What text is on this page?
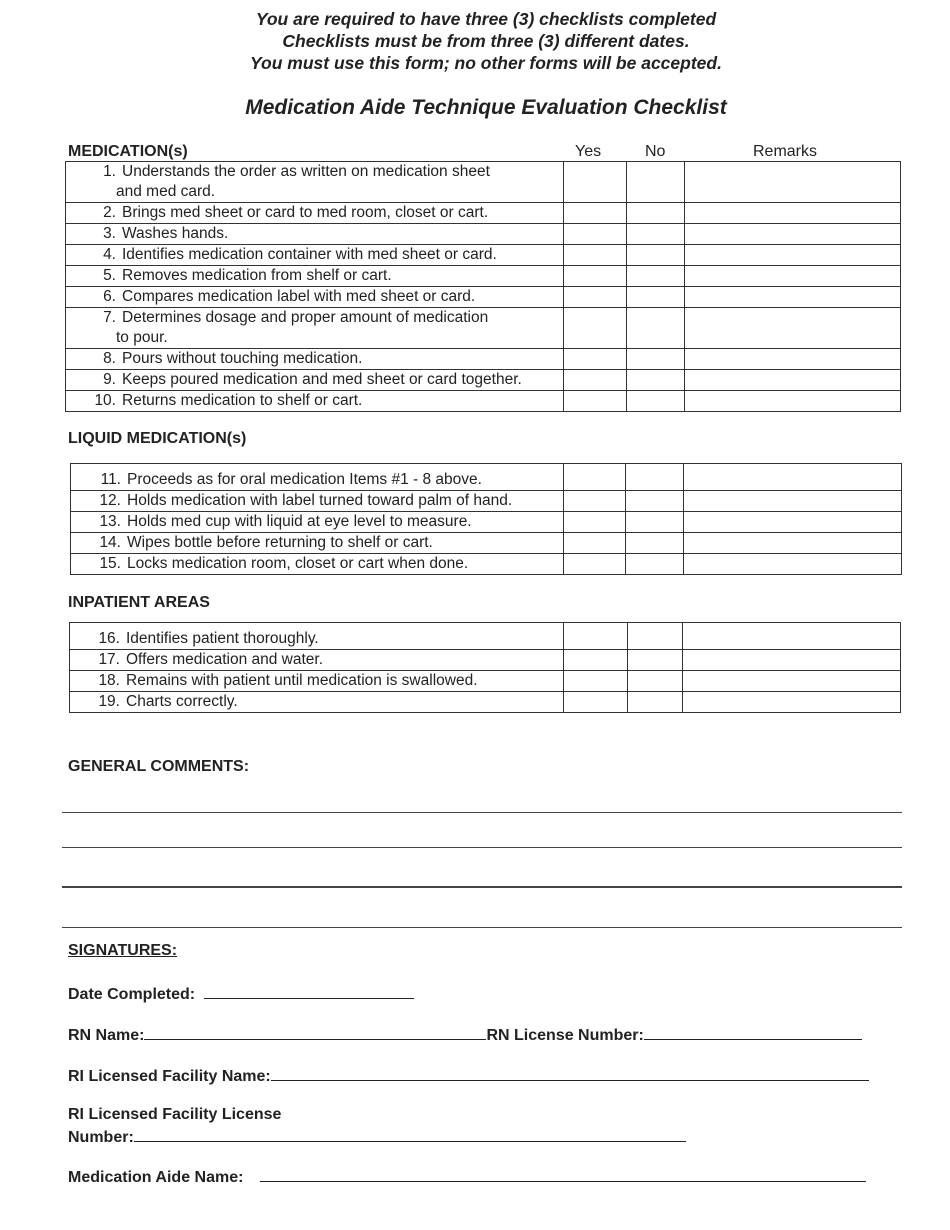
You are required to have three (3) checklists completed
Checklists must be from three (3) different dates.
You must use this form; no other forms will be accepted.
Medication Aide Technique Evaluation Checklist
MEDICATION(s)	Yes	No	Remarks
1. Understands the order as written on medication sheet
and med card.			

2. Brings med sheet or card to med room, closet or cart.			

3. Washes hands.			

4. Identifies medication container with med sheet or card.			

5. Removes medication from shelf or cart.			

6. Compares medication label with med sheet or card.			

7. Determines dosage and proper amount of medication
to pour.			

8. Pours without touching medication.			

9. Keeps poured medication and med sheet or card together.			

10. Returns medication to shelf or cart.			

LIQUID MEDICATION(s)
11. Proceeds as for oral medication Items #1 - 8 above.			

12. Holds medication with label turned toward palm of hand.			

13. Holds med cup with liquid at eye level to measure.			

14. Wipes bottle before returning to shelf or cart.			

15. Locks medication room, closet or cart when done.			

INPATIENT AREAS
16. Identifies patient thoroughly.			

17. Offers medication and water.			

18. Remains with patient until medication is swallowed.			

19. Charts correctly.			

GENERAL COMMENTS:
SIGNATURES:
Date Completed:
RN Name:	RN License Number:
RI Licensed Facility Name:
RI Licensed Facility License
Number:
Medication Aide Name:
